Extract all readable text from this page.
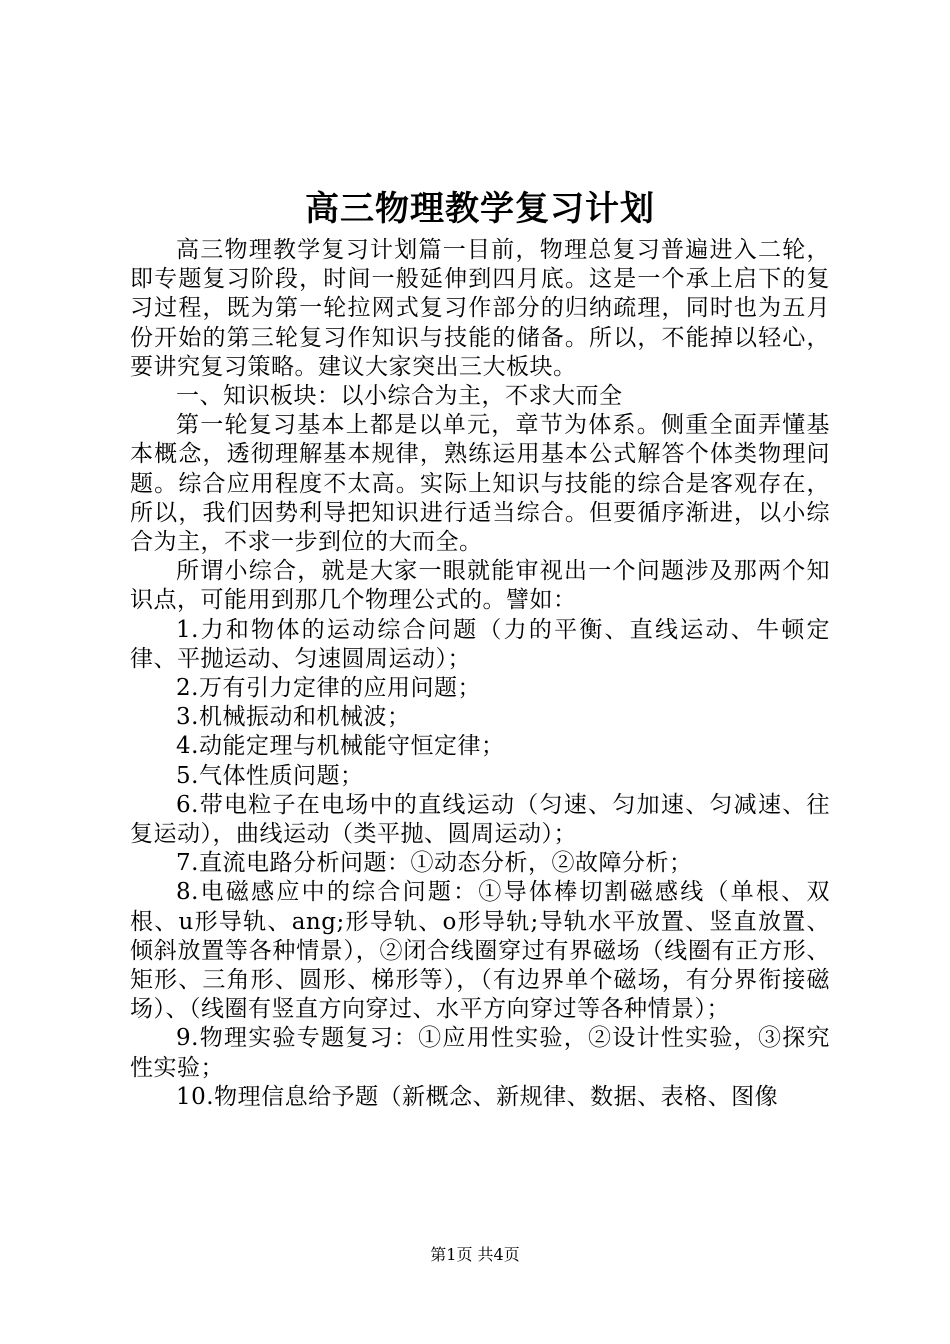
高三物理教学复习计划

高三物理教学复习计划篇一目前，物理总复习普遍进入二轮，即专题复习阶段，时间一般延伸到四月底。这是一个承上启下的复习过程，既为第一轮拉网式复习作部分的归纳疏理，同时也为五月份开始的第三轮复习作知识与技能的储备。所以，不能掉以轻心，要讲究复习策略。建议大家突出三大板块。

一、知识板块：以小综合为主，不求大而全

第一轮复习基本上都是以单元，章节为体系。侧重全面弄懂基本概念，透彻理解基本规律，熟练运用基本公式解答个体类物理问题。综合应用程度不太高。实际上知识与技能的综合是客观存在，所以，我们因势利导把知识进行适当综合。但要循序渐进，以小综合为主，不求一步到位的大而全。

所谓小综合，就是大家一眼就能审视出一个问题涉及那两个知识点，可能用到那几个物理公式的。譬如：

1.力和物体的运动综合问题（力的平衡、直线运动、牛顿定律、平抛运动、匀速圆周运动）；

2.万有引力定律的应用问题；

3.机械振动和机械波；

4.动能定理与机械能守恒定律；

5.气体性质问题；

6.带电粒子在电场中的直线运动（匀速、匀加速、匀减速、往复运动），曲线运动（类平抛、圆周运动）；

7.直流电路分析问题：①动态分析，②故障分析；

8.电磁感应中的综合问题：①导体棒切割磁感线（单根、双根、u形导轨、ang;形导轨、o形导轨;导轨水平放置、竖直放置、倾斜放置等各种情景），②闭合线圈穿过有界磁场（线圈有正方形、矩形、三角形、圆形、梯形等），（有边界单个磁场，有分界衔接磁场）、（线圈有竖直方向穿过、水平方向穿过等各种情景）；

9.物理实验专题复习：①应用性实验，②设计性实验，③探究性实验；

10.物理信息给予题（新概念、新规律、数据、表格、图像

第1页 共4页
